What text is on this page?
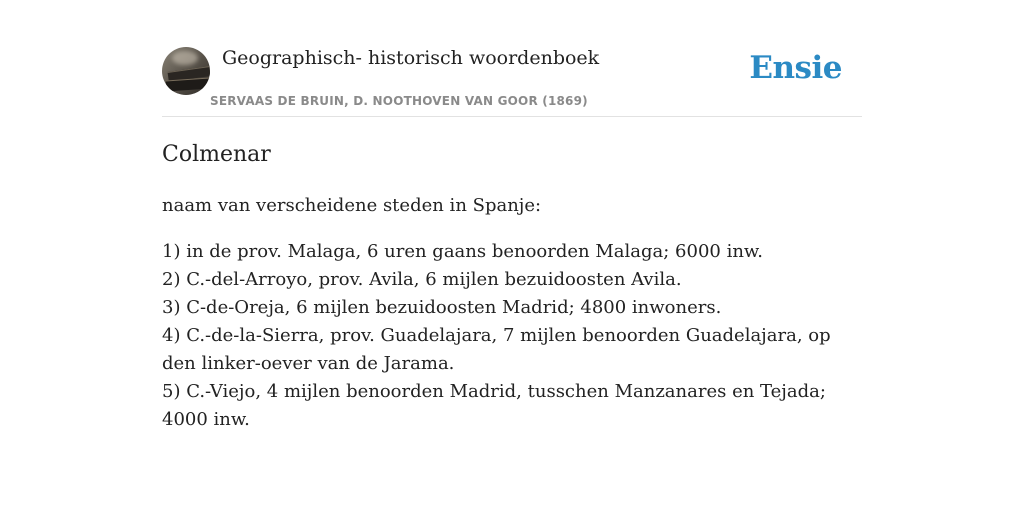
Geographisch- historisch woordenboek
SERVAAS DE BRUIN, D. NOOTHOVEN VAN GOOR (1869)
Ensie
Colmenar

naam van verscheidene steden in Spanje:

1) in de prov. Malaga, 6 uren gaans benoorden Malaga; 6000 inw.
2) C.-del-Arroyo, prov. Avila, 6 mijlen bezuidoosten Avila.
3) C-de-Oreja, 6 mijlen bezuidoosten Madrid; 4800 inwoners.
4) C.-de-la-Sierra, prov. Guadelajara, 7 mijlen benoorden Guadelajara, op den linker-oever van de Jarama.
5) C.-Viejo, 4 mijlen benoorden Madrid, tusschen Manzanares en Tejada; 4000 inw.
